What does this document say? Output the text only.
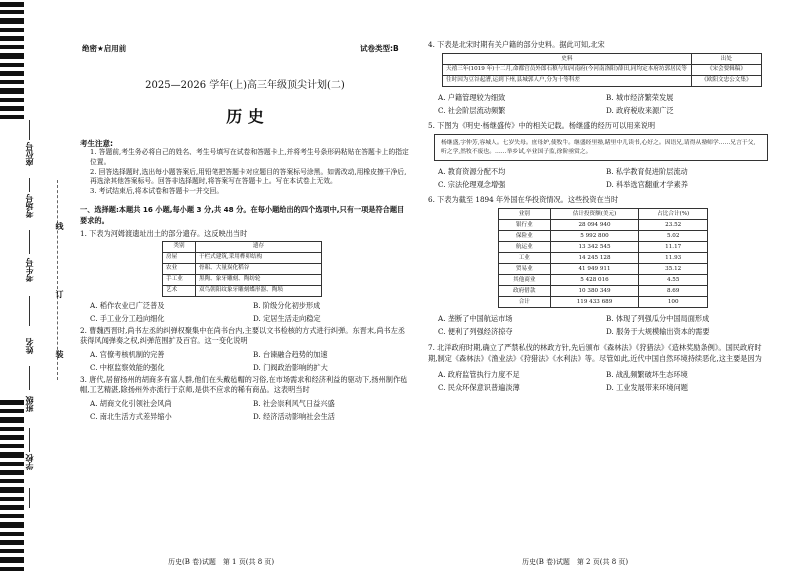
座位号
考场号
考生号
姓名
班级
学校
线
订
装
绝密★启用前	试卷类型:B
2025—2026 学年(上)高三年级顶尖计划(二)
历 史
考生注意:
1. 答题前,考生务必将自己的姓名、考生号填写在试卷和答题卡上,并将考生号条形码粘贴在答题卡上的指定位置。
2. 回答选择题时,选出每小题答案后,用铅笔把答题卡对应题目的答案标号涂黑。如需改动,用橡皮擦干净后,再选涂其他答案标号。回答非选择题时,将答案写在答题卡上。写在本试卷上无效。
3. 考试结束后,将本试卷和答题卡一并交回。
一、选择题:本题共 16 小题,每小题 3 分,共 48 分。在每小题给出的四个选项中,只有一项是符合题目要求的。
1. 下表为河姆渡遗址出土的部分遗存。这反映出当时
类别	遗存
房屋	干栏式建筑,采用榫卯结构
农业	骨耜、大量炭化稻谷
手工业	黑陶、象牙雕刻、陶纺轮
艺术	双鸟朝阳纹象牙雕刻蝶形器、陶埙
A. 稻作农业已广泛普及	B. 阶级分化初步形成
C. 手工业分工趋向细化	D. 定居生活走向稳定
2. 曹魏西晋时,尚书左丞的纠弹权聚集中在尚书台内,主要以文书检核的方式进行纠弹。东晋末,尚书左丞获得风闻弹奏之权,纠弹范围扩及百官。这一变化说明
A. 官僚考核机制的完善	B. 台谏融合趋势的加速
C. 中枢监察效能的强化	D. 门阀政治影响的扩大
3. 唐代,居留扬州的胡商多有富人群,他们在头戴毡帽的习俗,在市场需求和经济利益的驱动下,扬州制作毡帽,工艺精湛,除扬州外亦流行于京师,是供不应求的稀有商品。这表明当时
A. 胡商文化引领社会风尚	B. 社会崇利风气日益兴盛
C. 南北生活方式差异缩小	D. 经济活动影响社会生活
4. 下表是北宋时期有关户籍的部分史料。据此可知,北宋
史料	出处
天禧三年(1019 年)十二月,命都官员外郎石稹与知河南府(今河南洛阳)薛田,同均定本府坊郭居民等	《宋会要辑稿》
往时因为豆谷起漕,运到下州,县城郭人户,分为十等科差	《欧阳文忠公文集》
A. 户籍管理较为细致	B. 城市经济繁荣发展
C. 社会阶层流动频繁	D. 政府税收来源广泛
5. 下图为《明史·杨继盛传》中的相关记载。杨继盛的经历可以用来说明
杨继盛,字仲芳,容城人。七岁失母。庶母妒,使牧牛。继盛经里塾,睹里中儿读书,心好之。因语兄,请得从塾师学……兄言于父,听之学,然牧不废也。……举乡试,卒业国子监,徐阶亟赏之。
A. 教育资源分配不均	B. 私学教育促进阶层流动
C. 宗法伦理观念增强	D. 科举选官翻重才学素养
6. 下表为截至 1894 年外国在华投资情况。这些投资在当时
业别	估计投资额(美元)	占比合计(%)
银行业	28 094 940	23.52
保险业	5 992 800	5.02
航运业	13 342 545	11.17
工业	14 245 128	11.93
贸易业	41 949 911	35.12
其他商业	5 428 016	4.55
政府借款	10 380 349	8.69
合计	119 433 689	100
A. 垄断了中国航运市场	B. 体现了列强瓜分中国局面形成
C. 便利了列强经济掠夺	D. 服务于大规模输出资本的需要
7. 北洋政府时期,确立了严禁私伐的林政方针,先后颁布《森林法》《狩猎法》《造林奖励条例》。国民政府时期,制定《森林法》《渔业法》《狩猎法》《水利法》等。尽管如此,近代中国自然环境持续恶化,这主要是因为
A. 政府监管执行力度不足	B. 战乱频繁破坏生态环境
C. 民众环保意识普遍淡薄	D. 工业发展带来环境问题
历史(B 卷)试题　第 1 页(共 8 页)	历史(B 卷)试题　第 2 页(共 8 页)
